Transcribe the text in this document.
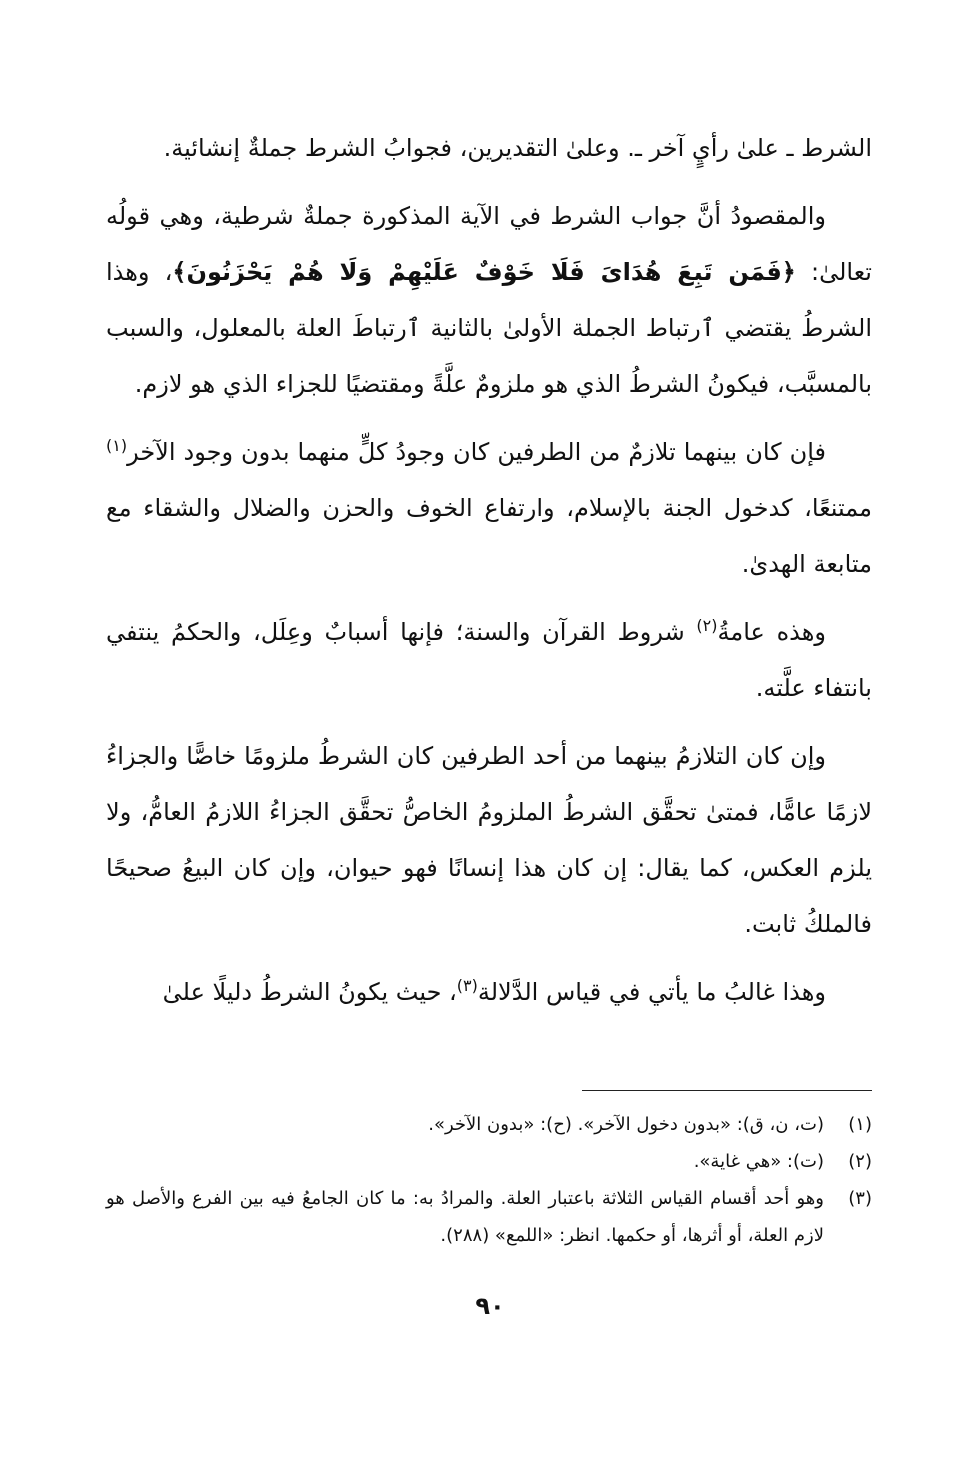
الشرط ـ علىٰ رأيٍ آخر ـ. وعلىٰ التقديرين، فجوابُ الشرط جملةٌ إنشائية.

والمقصودُ أنَّ جواب الشرط في الآية المذكورة جملةٌ شرطية، وهي قولُه تعالىٰ: ﴿فَمَن تَبِعَ هُدَاىَ فَلَا خَوْفٌ عَلَيْهِمْ وَلَا هُمْ يَحْزَنُونَ﴾، وهذا الشرطُ يقتضي ٱرتباط الجملة الأولىٰ بالثانية ٱرتباطَ العلة بالمعلول، والسبب بالمسبَّب، فيكونُ الشرطُ الذي هو ملزومٌ علَّةً ومقتضيًا للجزاء الذي هو لازم.

فإن كان بينهما تلازمٌ من الطرفين كان وجودُ كلٍّ منهما بدون وجود الآخر$^{(١)}$ ممتنعًا، كدخول الجنة بالإسلام، وارتفاع الخوف والحزن والضلال والشقاء مع متابعة الهدىٰ.

وهذه عامةُ$^{(٢)}$ شروط القرآن والسنة؛ فإنها أسبابٌ وعِلَل، والحكمُ ينتفي بانتفاء علَّته.

وإن كان التلازمُ بينهما من أحد الطرفين كان الشرطُ ملزومًا خاصًّا والجزاءُ لازمًا عامًّا، فمتىٰ تحقَّق الشرطُ الملزومُ الخاصُّ تحقَّق الجزاءُ اللازمُ العامُّ، ولا يلزم العكس، كما يقال: إن كان هذا إنسانًا فهو حيوان، وإن كان البيعُ صحيحًا فالملكُ ثابت.

وهذا غالبُ ما يأتي في قياس الدَّلالة$^{(٣)}$، حيث يكونُ الشرطُ دليلًا علىٰ

(١)
(ت، ن، ق): «بدون دخول الآخر». (ح): «بدون الآخر».
(٢)
(ت): «هي غاية».
(٣)
وهو أحد أقسام القياس الثلاثة باعتبار العلة. والمرادُ به: ما كان الجامعُ فيه بين الفرع والأصل هو لازم العلة، أو أثرها، أو حكمها. انظر: «اللمع» (٢٨٨).
٩٠
